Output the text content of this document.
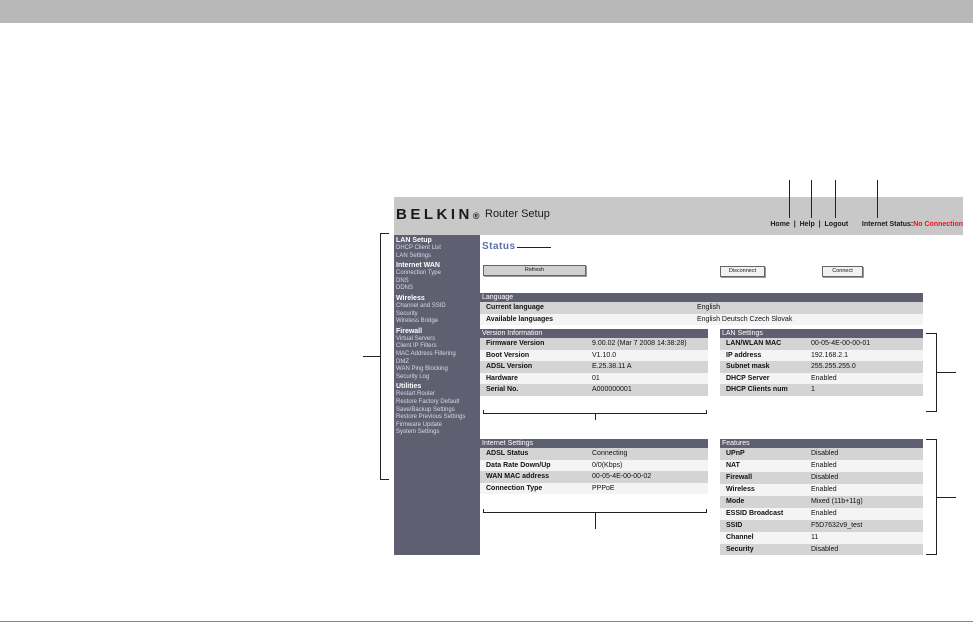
BELKIN® Router Setup
Home  |  Help  |  Logout Internet Status:No Connection
LAN Setup
DHCP Client List
LAN Settings
Internet WAN
Connection Type
DNS
DDNS
Wireless
Channel and SSID
Security
Wireless Bridge
Firewall
Virtual Servers
Client IP Filters
MAC Address Filtering
DMZ
WAN Ping Blocking
Security Log
Utilities
Restart Router
Restore Factory Default
Save/Backup Settings
Restore Previous Settings
Firmware Update
System Settings
Status
Refresh	Disconnect	Connect
Language
Current language	English
Available languages	English Deutsch Czech Slovak
Version Information
Firmware Version	9.00.02 (Mar 7 2008 14:38:28)
Boot Version	V1.10.0
ADSL Version	E.25.38.11 A
Hardware	01
Serial No.	A000000001
LAN Settings
LAN/WLAN MAC	00-05-4E-00-00-01
IP address	192.168.2.1
Subnet mask	255.255.255.0
DHCP Server	Enabled
DHCP Clients num	1
Internet Settings
ADSL Status	Connecting
Data Rate Down/Up	0/0(Kbps)
WAN MAC address	00-05-4E-00-00-02
Connection Type	PPPoE
Features
UPnP	Disabled
NAT	Enabled
Firewall	Disabled
Wireless	Enabled
Mode	Mixed (11b+11g)
ESSID Broadcast	Enabled
SSID	F5D7632v9_test
Channel	11
Security	Disabled
